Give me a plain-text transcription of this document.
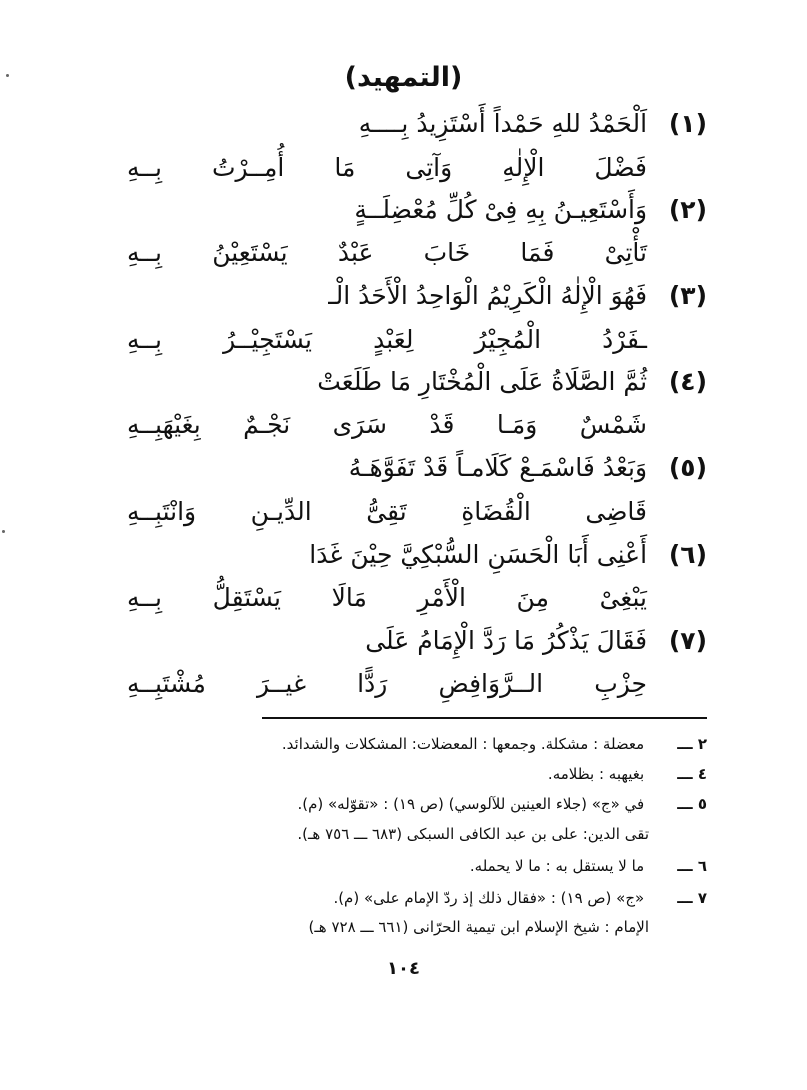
(التمهيد)
(١) اَلْحَمْدُ للهِ حَمْداً أَسْتَزِيدُ بِــــهِ
فَضْلَ الْإِلٰهِ وَآتِى مَا أُمِــرْتُ بِــهِ
(٢) وَأَسْتَعِيـنُ بِهِ فِىْ كُلِّ مُعْضِلَــةٍ
تَأْتِىْ فَمَا خَابَ عَبْدٌ يَسْتَعِيْنُ بِــهِ
(٣) فَهُوَ الْإِلٰهُ الْكَرِيْمُ الْوَاحِدُ الْأَحَدُ الْـ
ـفَرْدُ الْمُجِيْرُ لِعَبْدٍ يَسْتَجِيْــرُ بِــهِ
(٤) ثُمَّ الصَّلَاةُ عَلَى الْمُخْتَارِ مَا طَلَعَتْ
شَمْسٌ وَمَـا قَدْ سَرَى نَجْـمٌ بِغَيْهَبِــهِ
(٥) وَبَعْدُ فَاسْمَـعْ كَلَامـاً قَدْ تَفَوَّهَـهُ
قَاضِى الْقُضَاةِ تَقِىُّ الدِّيـنِ وَانْتَبِــهِ
(٦) أَعْنِى أَبَا الْحَسَنِ السُّبْكِيَّ حِيْنَ غَدَا
يَبْغِىْ مِنَ الْأَمْرِ مَالَا يَسْتَقِلُّ بِــهِ
(٧) فَقَالَ يَذْكُرُ مَا رَدَّ الْإِمَامُ عَلَى
حِزْبِ الــرَّوَافِضِ رَدًّا غيــرَ مُشْتَبِــهِ
٢ ـــ معضلة : مشكلة. وجمعها : المعضلات: المشكلات والشدائد.
٤ ـــ بغيهبه : بظلامه.
٥ ـــ في «ج» (جلاء العينين للآلوسي) (ص ١٩) : «تقوّله» (م).
تقى الدين: على بن عبد الكافى السبكى (٦٨٣ ـــ ٧٥٦ هـ).
٦ ـــ ما لا يستقل به : ما لا يحمله.
٧ ـــ «ج» (ص ١٩) : «فقال ذلك إذ ردّ الإمام على» (م).
الإمام : شيخ الإسلام ابن تيمية الحرّانى (٦٦١ ـــ ٧٢٨ هـ)
١٠٤
